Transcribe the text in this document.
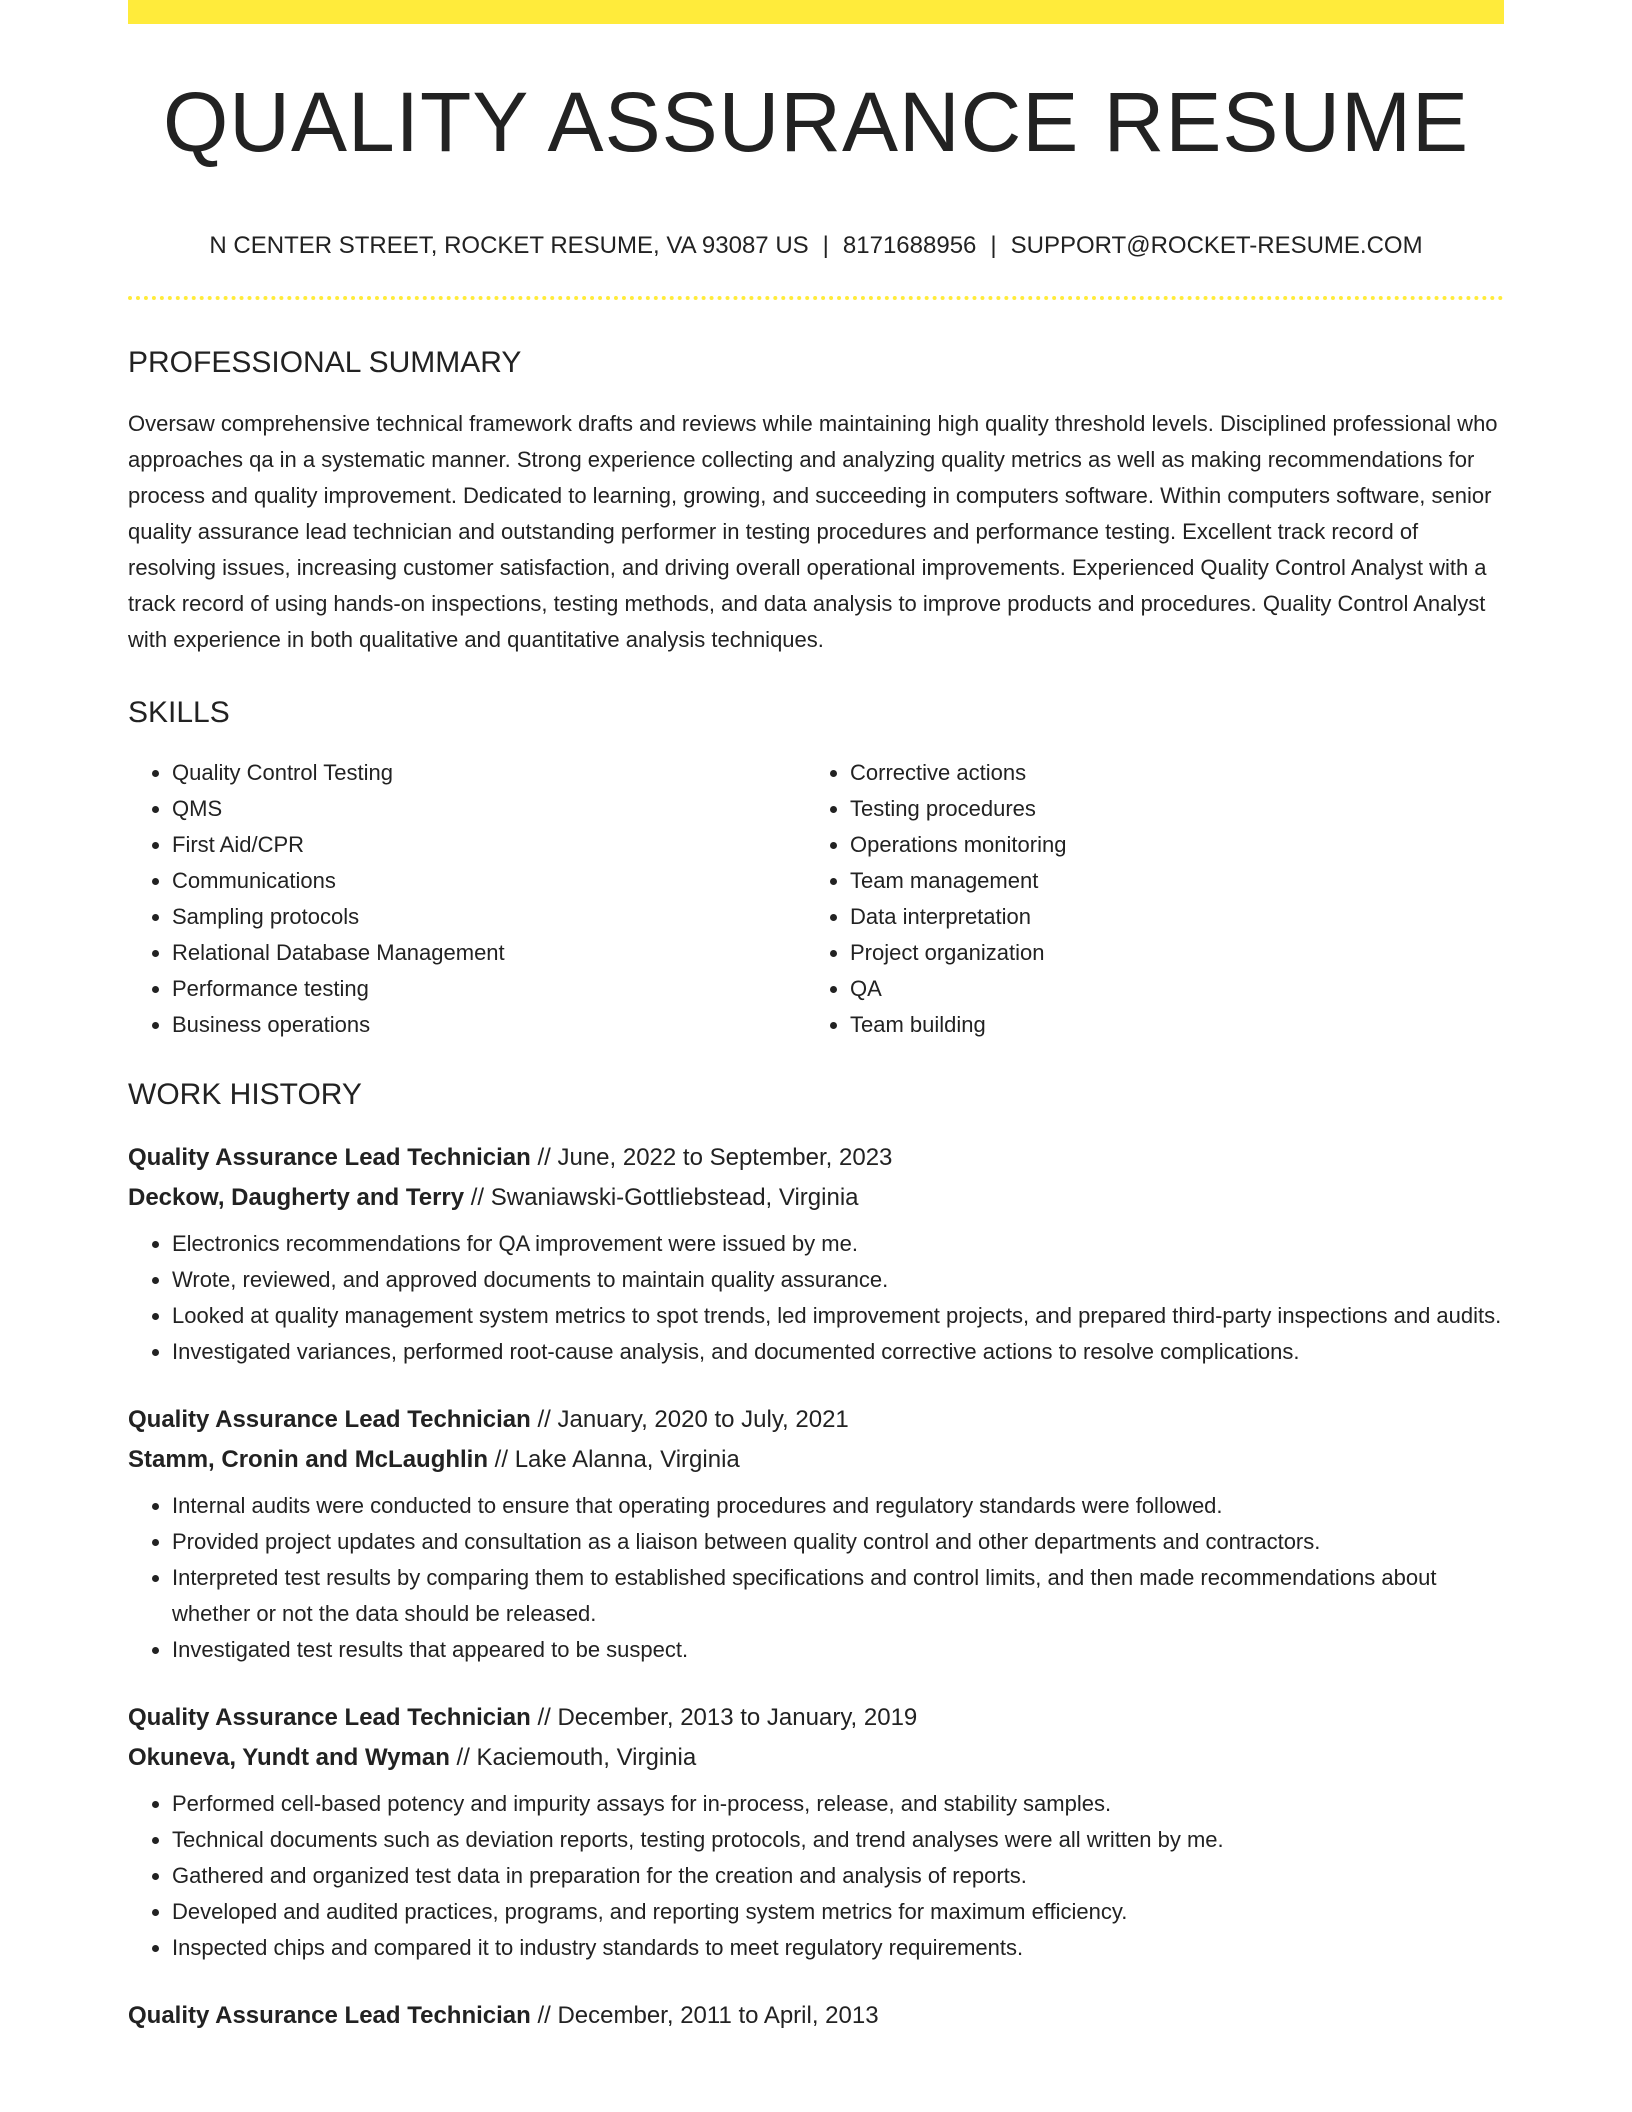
QUALITY ASSURANCE RESUME
N CENTER STREET, ROCKET RESUME, VA 93087 US | 8171688956 | SUPPORT@ROCKET-RESUME.COM
PROFESSIONAL SUMMARY

Oversaw comprehensive technical framework drafts and reviews while maintaining high quality threshold levels. Disciplined professional who approaches qa in a systematic manner. Strong experience collecting and analyzing quality metrics as well as making recommendations for process and quality improvement. Dedicated to learning, growing, and succeeding in computers software. Within computers software, senior quality assurance lead technician and outstanding performer in testing procedures and performance testing. Excellent track record of resolving issues, increasing customer satisfaction, and driving overall operational improvements. Experienced Quality Control Analyst with a track record of using hands-on inspections, testing methods, and data analysis to improve products and procedures. Quality Control Analyst with experience in both qualitative and quantitative analysis techniques.

SKILLS
• Quality Control Testing
• QMS
• First Aid/CPR
• Communications
• Sampling protocols
• Relational Database Management
• Performance testing
• Business operations
• Corrective actions
• Testing procedures
• Operations monitoring
• Team management
• Data interpretation
• Project organization
• QA
• Team building
WORK HISTORY
Quality Assurance Lead Technician // June, 2022 to September, 2023
Deckow, Daugherty and Terry // Swaniawski-Gottliebstead, Virginia
• Electronics recommendations for QA improvement were issued by me.
• Wrote, reviewed, and approved documents to maintain quality assurance.
• Looked at quality management system metrics to spot trends, led improvement projects, and prepared third-party inspections and audits.
• Investigated variances, performed root-cause analysis, and documented corrective actions to resolve complications.
Quality Assurance Lead Technician // January, 2020 to July, 2021
Stamm, Cronin and McLaughlin // Lake Alanna, Virginia
• Internal audits were conducted to ensure that operating procedures and regulatory standards were followed.
• Provided project updates and consultation as a liaison between quality control and other departments and contractors.
• Interpreted test results by comparing them to established specifications and control limits, and then made recommendations about whether or not the data should be released.
• Investigated test results that appeared to be suspect.
Quality Assurance Lead Technician // December, 2013 to January, 2019
Okuneva, Yundt and Wyman // Kaciemouth, Virginia
• Performed cell-based potency and impurity assays for in-process, release, and stability samples.
• Technical documents such as deviation reports, testing protocols, and trend analyses were all written by me.
• Gathered and organized test data in preparation for the creation and analysis of reports.
• Developed and audited practices, programs, and reporting system metrics for maximum efficiency.
• Inspected chips and compared it to industry standards to meet regulatory requirements.
Quality Assurance Lead Technician // December, 2011 to April, 2013
